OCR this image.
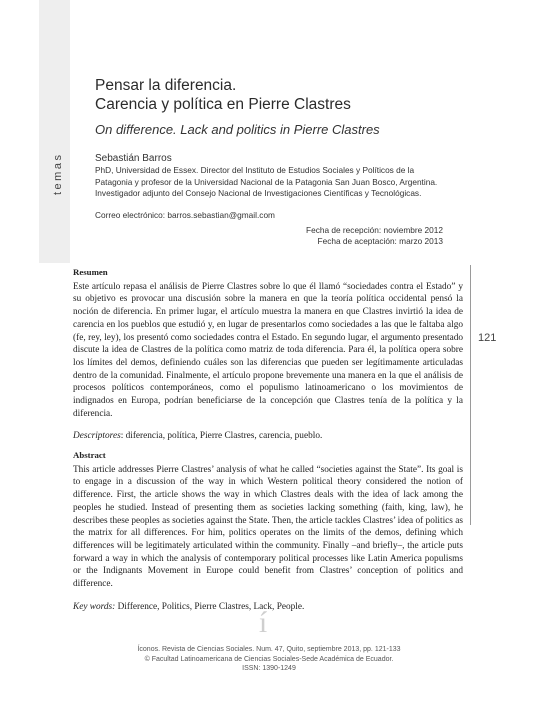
temas
121
Pensar la diferencia.
Carencia y política en Pierre Clastres
On difference. Lack and politics in Pierre Clastres
Sebastián Barros
PhD, Universidad de Essex. Director del Instituto de Estudios Sociales y Políticos de la Patagonia y profesor de la Universidad Nacional de la Patagonia San Juan Bosco, Argentina. Investigador adjunto del Consejo Nacional de Investigaciones Científicas y Tecnológicas.
Correo electrónico: barros.sebastian@gmail.com
Fecha de recepción: noviembre 2012
Fecha de aceptación: marzo 2013
Resumen

Este artículo repasa el análisis de Pierre Clastres sobre lo que él llamó “sociedades contra el Estado” y su objetivo es provocar una discusión sobre la manera en que la teoría política occidental pensó la noción de diferencia. En primer lugar, el artículo muestra la manera en que Clastres invirtió la idea de carencia en los pueblos que estudió y, en lugar de presentarlos como sociedades a las que le faltaba algo (fe, rey, ley), los presentó como sociedades contra el Estado. En segundo lugar, el argumento presentado discute la idea de Clastres de la política como matriz de toda diferencia. Para él, la política opera sobre los límites del demos, definiendo cuáles son las diferencias que pueden ser legítimamente articuladas dentro de la comunidad. Finalmente, el artículo propone brevemente una manera en la que el análisis de procesos políticos contemporáneos, como el populismo latinoamericano o los movimientos de indignados en Europa, podrían beneficiarse de la concepción que Clastres tenía de la política y la diferencia.

Descriptores: diferencia, política, Pierre Clastres, carencia, pueblo.
Abstract

This article addresses Pierre Clastres’ analysis of what he called “societies against the State”. Its goal is to engage in a discussion of the way in which Western political theory considered the notion of difference. First, the article shows the way in which Clastres deals with the idea of lack among the peoples he studied. Instead of presenting them as societies lacking something (faith, king, law), he describes these peoples as societies against the State. Then, the article tackles Clastres’ idea of politics as the matrix for all differences. For him, politics operates on the limits of the demos, defining which differences will be legitimately articulated within the community. Finally –and briefly–, the article puts forward a way in which the analysis of contemporary political processes like Latin America populisms or the Indignants Movement in Europe could benefit from Clastres’ conception of politics and difference.

Key words: Difference, Politics, Pierre Clastres, Lack, People.
í
Íconos. Revista de Ciencias Sociales. Num. 47, Quito, septiembre 2013, pp. 121-133
© Facultad Latinoamericana de Ciencias Sociales-Sede Académica de Ecuador.
ISSN: 1390-1249
